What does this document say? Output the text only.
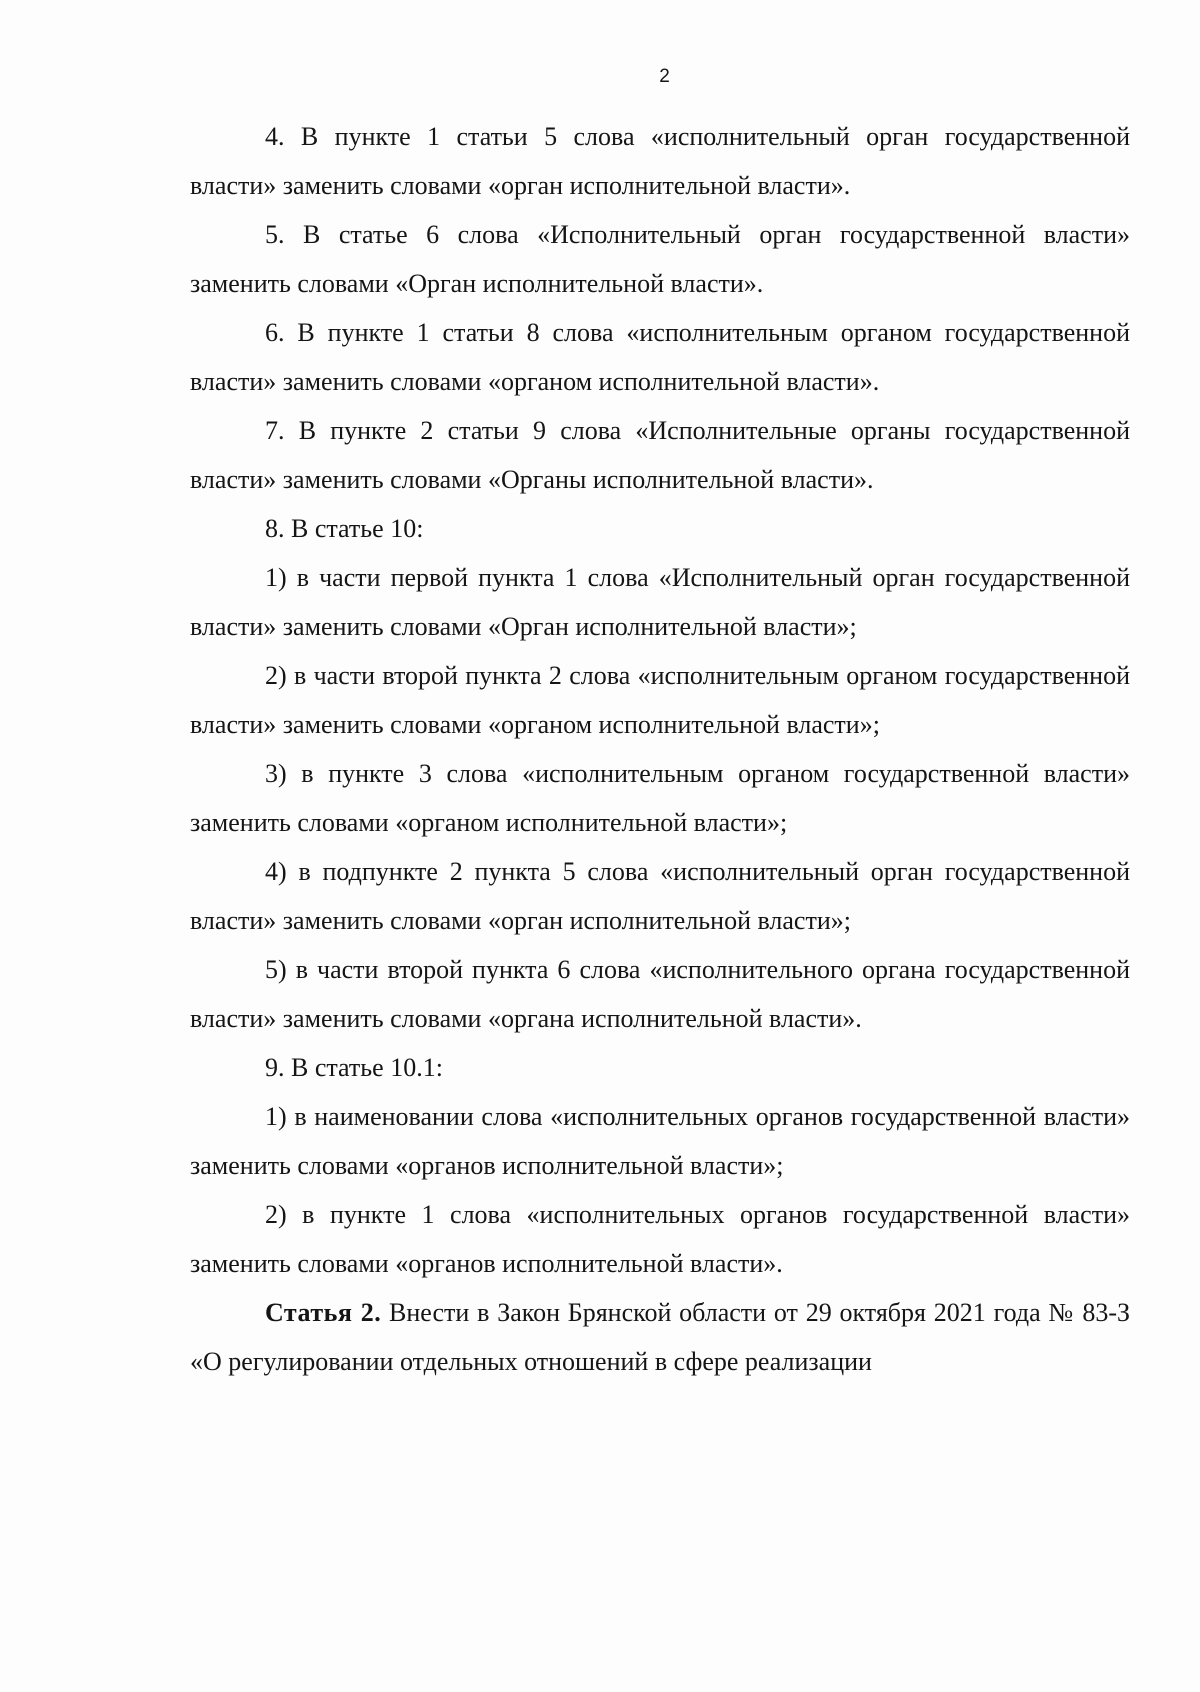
2

4. В пункте 1 статьи 5 слова «исполнительный орган государственной власти» заменить словами «орган исполнительной власти».

5. В статье 6 слова «Исполнительный орган государственной власти» заменить словами «Орган исполнительной власти».

6. В пункте 1 статьи 8 слова «исполнительным органом государственной власти» заменить словами «органом исполнительной власти».

7. В пункте 2 статьи 9 слова «Исполнительные органы государственной власти» заменить словами «Органы исполнительной власти».

8. В статье 10:

1) в части первой пункта 1 слова «Исполнительный орган государственной власти» заменить словами «Орган исполнительной власти»;

2) в части второй пункта 2 слова «исполнительным органом государственной власти» заменить словами «органом исполнительной власти»;

3) в пункте 3 слова «исполнительным органом государственной власти» заменить словами «органом исполнительной власти»;

4) в подпункте 2 пункта 5 слова «исполнительный орган государственной власти» заменить словами «орган исполнительной власти»;

5) в части второй пункта 6 слова «исполнительного органа государственной власти» заменить словами «органа исполнительной власти».

9. В статье 10.1:

1) в наименовании слова «исполнительных органов государственной власти» заменить словами «органов исполнительной власти»;

2) в пункте 1 слова «исполнительных органов государственной власти» заменить словами «органов исполнительной власти».

Статья 2. Внести в Закон Брянской области от 29 октября 2021 года № 83-З «О регулировании отдельных отношений в сфере реализации
